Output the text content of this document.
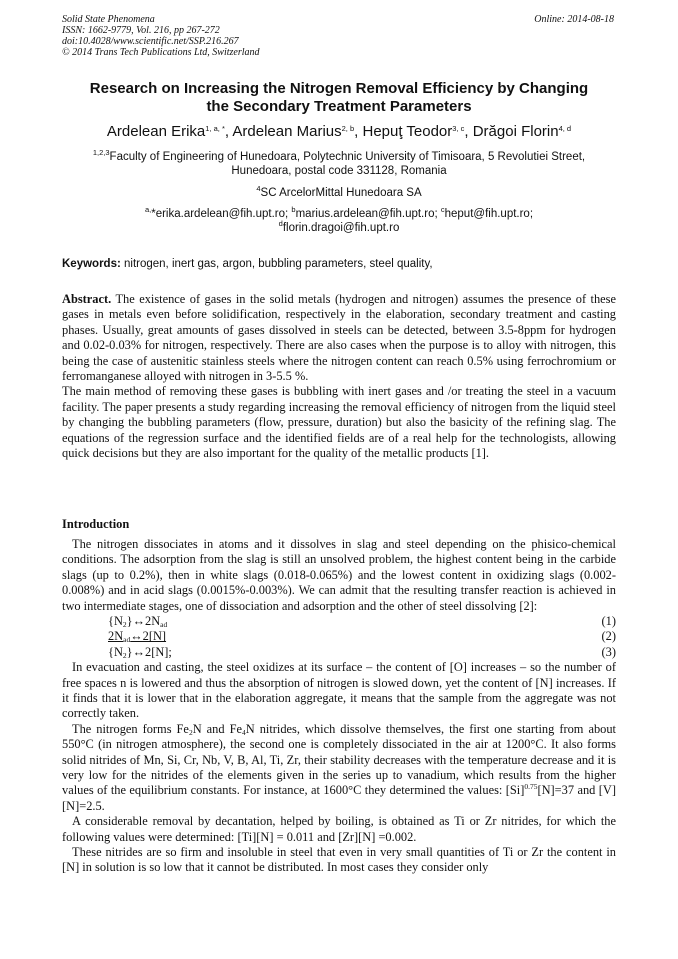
Solid State Phenomena
ISSN: 1662-9779, Vol. 216, pp 267-272
doi:10.4028/www.scientific.net/SSP.216.267
© 2014 Trans Tech Publications Ltd, Switzerland
Online: 2014-08-18
Research on Increasing the Nitrogen Removal Efficiency by Changing
the Secondary Treatment Parameters
Ardelean Erika$^{1, a, *}$, Ardelean Marius$^{2, b}$, Hepuţ Teodor$^{3, c}$, Drăgoi Florin$^{4, d}$
$^{1,2,3}$Faculty of Engineering of Hunedoara, Polytechnic University of Timisoara, 5 Revolutiei Street,
Hunedoara, postal code 331128, Romania
$^4$SC ArcelorMittal Hunedoara SA
$^{a,}$*erika.ardelean@fih.upt.ro; $^b$marius.ardelean@fih.upt.ro; $^c$heput@fih.upt.ro;
$^d$florin.dragoi@fih.upt.ro
Keywords: nitrogen, inert gas, argon, bubbling parameters, steel quality,

Abstract. The existence of gases in the solid metals (hydrogen and nitrogen) assumes the presence of these gases in metals even before solidification, respectively in the elaboration, secondary treatment and casting phases. Usually, great amounts of gases dissolved in steels can be detected, between 3.5-8ppm for hydrogen and 0.02-0.03% for nitrogen, respectively. There are also cases when the purpose is to alloy with nitrogen, this being the case of austenitic stainless steels where the nitrogen content can reach 0.5% using ferrochromium or ferromanganese alloyed with nitrogen in 3-5.5 %.

The main method of removing these gases is bubbling with inert gases and /or treating the steel in a vacuum facility. The paper presents a study regarding increasing the removal efficiency of nitrogen from the liquid steel by changing the bubbling parameters (flow, pressure, duration) but also the basicity of the refining slag. The equations of the regression surface and the identified fields are of a real help for the technologists, allowing quick decisions but they are also important for the quality of the metallic products [1].

Introduction

The nitrogen dissociates in atoms and it dissolves in slag and steel depending on the phisico-chemical conditions. The adsorption from the slag is still an unsolved problem, the highest content being in the carbide slags (up to 0.2%), then in white slags (0.018-0.065%) and the lowest content in oxidizing slags (0.002-0.008%) and in acid slags (0.0015%-0.003%). We can admit that the resulting transfer reaction is achieved in two intermediate stages, one of dissociation and adsorption and the other of steel dissolving [2]:

$\{N_2\}\leftrightarrow 2N_{ad}$	(1)
$2N_{ad}\leftrightarrow 2[N]$	(2)
$\{N_2\}\leftrightarrow 2[N]$;	(3)

In evacuation and casting, the steel oxidizes at its surface – the content of [O] increases – so the number of free spaces n is lowered and thus the absorption of nitrogen is slowed down, yet the content of [N] increases. If it finds that it is lower that in the elaboration aggregate, it means that the sample from the aggregate was not correctly taken.

The nitrogen forms $Fe_2N$ and $Fe_4N$ nitrides, which dissolve themselves, the first one starting from about 550°C (in nitrogen atmosphere), the second one is completely dissociated in the air at 1200°C. It also forms solid nitrides of Mn, Si, Cr, Nb, V, B, Al, Ti, Zr, their stability decreases with the temperature decrease and it is very low for the nitrides of the elements given in the series up to vanadium, which results from the higher values of the equilibrium constants. For instance, at 1600°C they determined the values: $[Si]^{0.75}[N]=37$ and [V][N]=2.5.

A considerable removal by decantation, helped by boiling, is obtained as Ti or Zr nitrides, for which the following values were determined: [Ti][N] = 0.011 and [Zr][N] =0.002.

These nitrides are so firm and insoluble in steel that even in very small quantities of Ti or Zr the content in [N] in solution is so low that it cannot be distributed. In most cases they consider only
